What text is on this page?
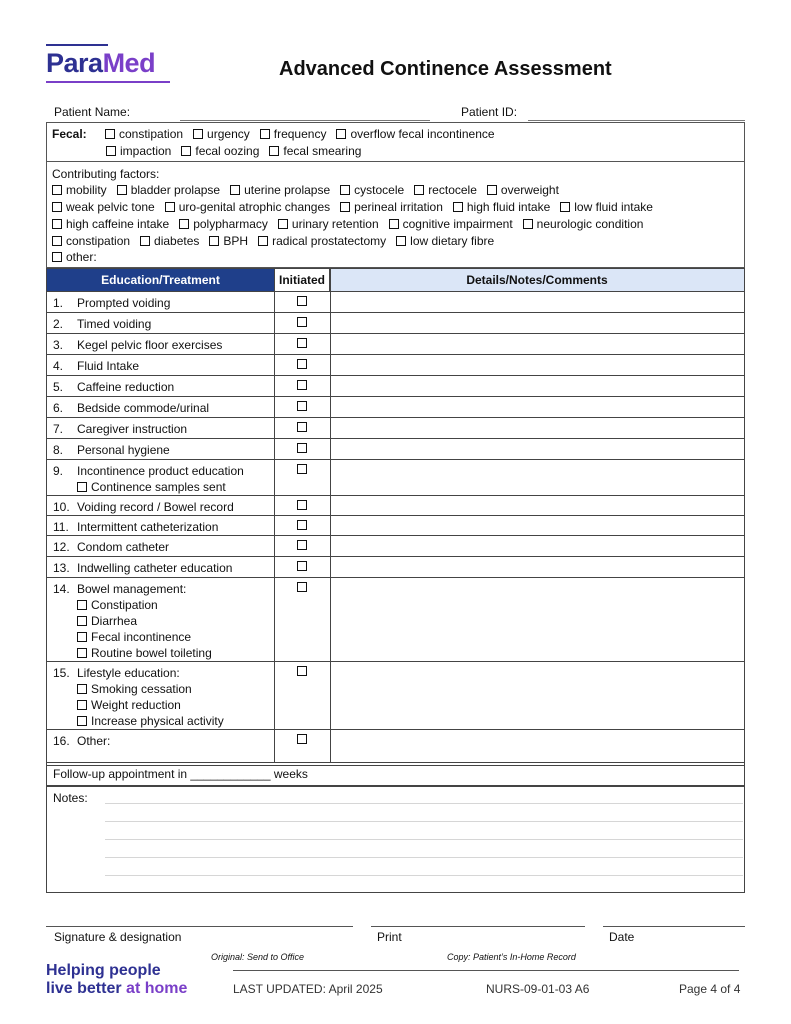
ParaMed	Advanced Continence Assessment
Patient Name:	Patient ID:
Fecal:	constipation urgency frequency overflow fecal incontinence
impaction fecal oozing fecal smearing
Contributing factors:
mobility bladder prolapse uterine prolapse cystocele rectocele overweight
weak pelvic tone uro-genital atrophic changes perineal irritation high fluid intake low fluid intake
high caffeine intake polypharmacy urinary retention cognitive impairment neurologic condition
constipation diabetes BPH radical prostatectomy low dietary fibre
other:
Education/Treatment	Initiated	Details/Notes/Comments
1. Prompted voiding
2. Timed voiding
3. Kegel pelvic floor exercises
4. Fluid Intake
5. Caffeine reduction
6. Bedside commode/urinal
7. Caregiver instruction
8. Personal hygiene
9. Incontinence product education
Continence samples sent
10. Voiding record / Bowel record
11. Intermittent catheterization
12. Condom catheter
13. Indwelling catheter education
14. Bowel management:
Constipation
Diarrhea
Fecal incontinence
Routine bowel toileting
15. Lifestyle education:
Smoking cessation
Weight reduction
Increase physical activity
16. Other:
Follow-up appointment in ____________ weeks
Notes:
Signature & designation	Print	Date
Original: Send to Office	Copy: Patient’s In-Home Record
Helping people
live better at home	LAST UPDATED: April 2025	NURS-09-01-03 A6	Page 4 of 4
